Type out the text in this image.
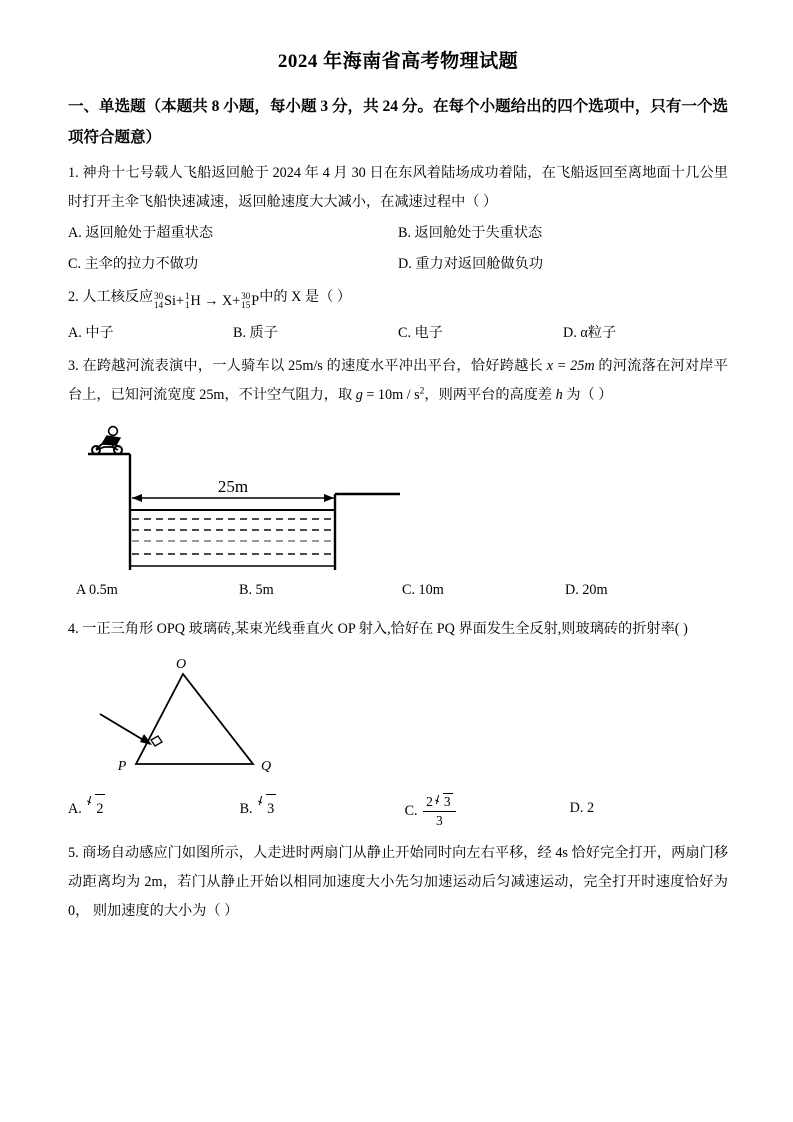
2024 年海南省高考物理试题
一、单选题（本题共 8 小题，每小题 3 分，共 24 分。在每个小题给出的四个选项中，只有一个选项符合题意）
1. 神舟十七号载人飞船返回舱于 2024 年 4 月 30 日在东风着陆场成功着陆，在飞船返回至离地面十几公里 时打开主伞飞船快速减速，返回舱速度大大减小，在减速过程中（ ）
A. 返回舱处于超重状态	B. 返回舱处于失重状态
C. 主伞的拉力不做功	D. 重力对返回舱做负功
2. 人工核反应 30
14 Si+ 1
1 H → X+ 30
15 P中的 X 是（ ）
A. 中子	B. 质子	C. 电子	D. α粒子
3. 在跨越河流表演中，一人骑车以 25m/s 的速度水平冲出平台，恰好跨越长 x = 25m 的河流落在河对岸平台上，已知河流宽度 25m，不计空气阻力，取 $g = 10m / s^2$，则两平台的高度差 h 为（ ）
25m
A 0.5m	B. 5m	C. 10m	D. 20m
4. 一正三角形 OPQ 玻璃砖,某束光线垂直火 OP 射入,恰好在 PQ 界面发生全反射,则玻璃砖的折射率( )
O
P	Q
A. 2	B. 3	C. $\frac{2 3}{3}$	D. 2
5. 商场自动感应门如图所示，人走进时两扇门从静止开始同时向左右平移，经 4s 恰好完全打开，两扇门移 动距离均为 2m，若门从静止开始以相同加速度大小先匀加速运动后匀减速运动，完全打开时速度恰好为 0， 则加速度的大小为（ ）
